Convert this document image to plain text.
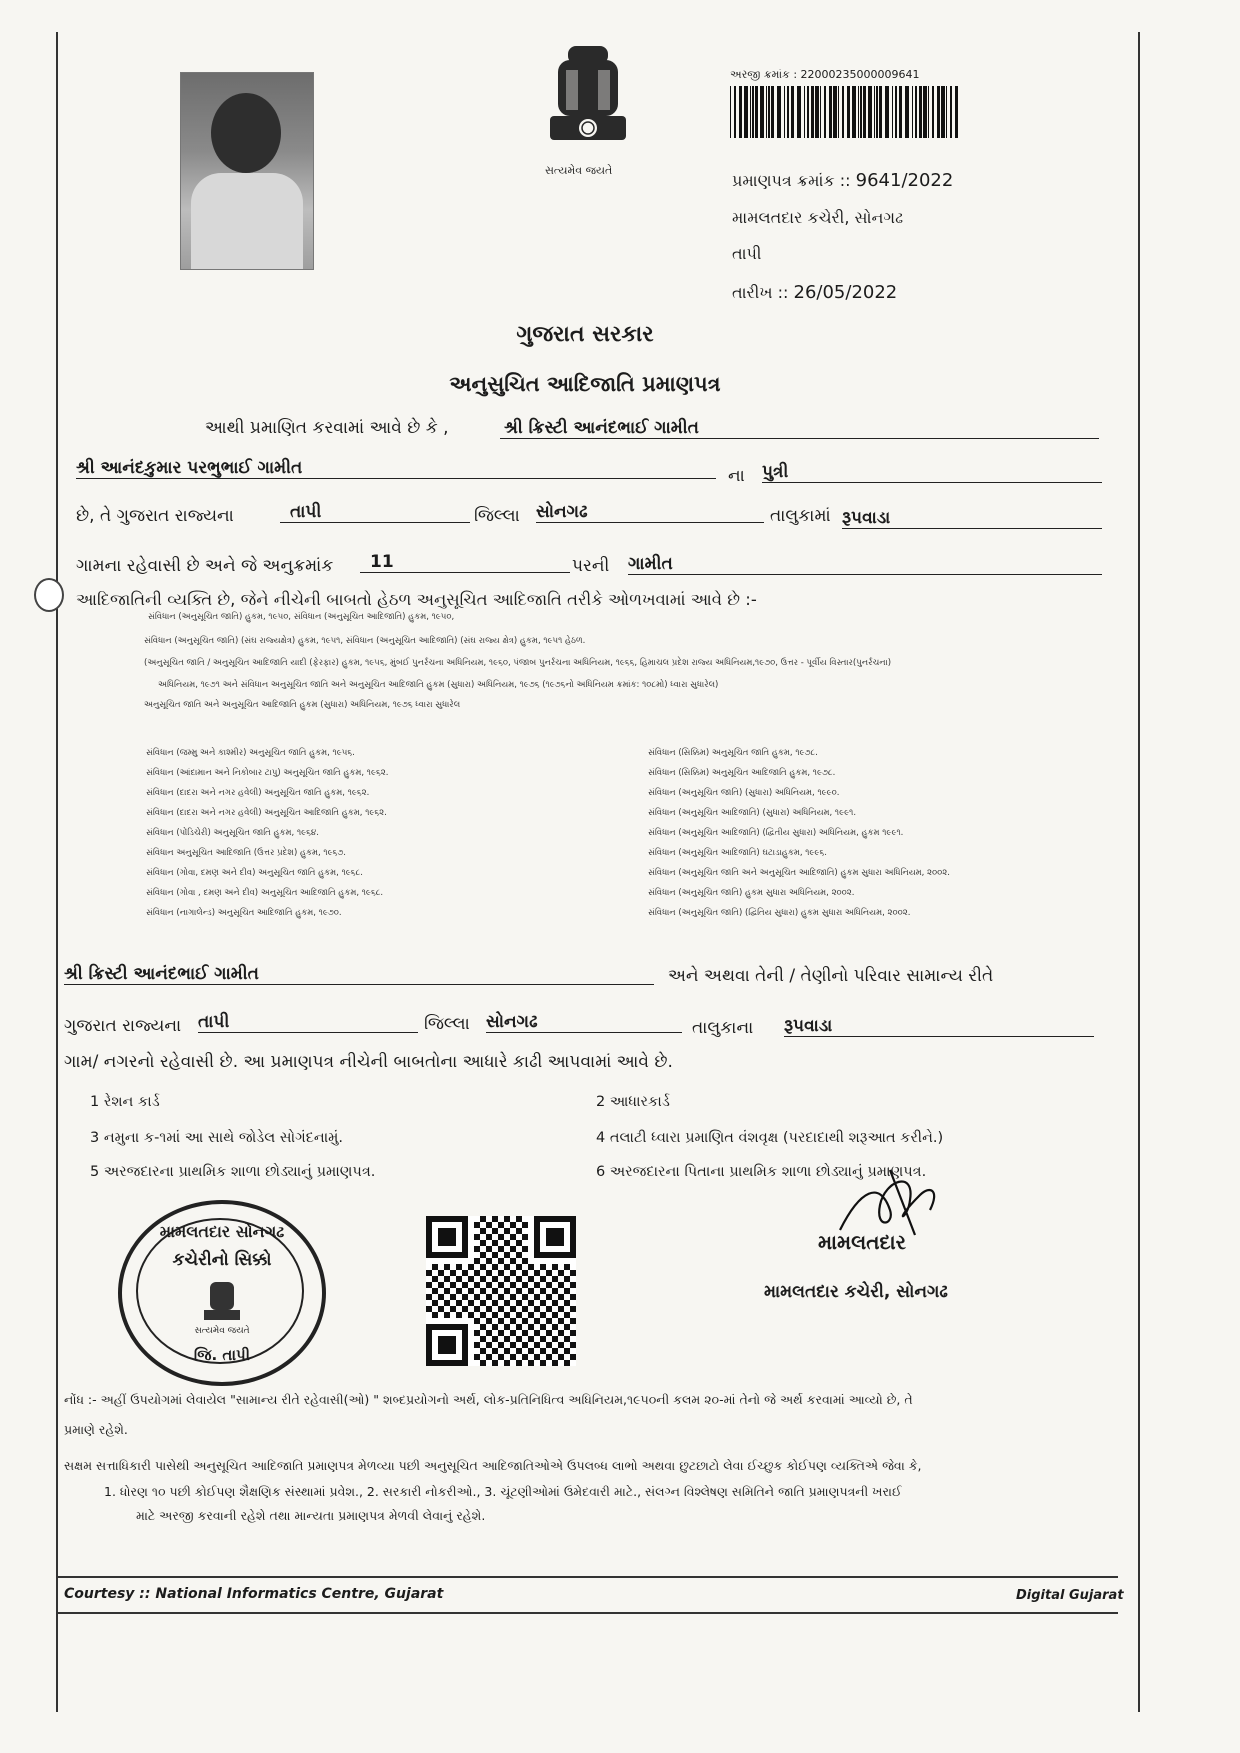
સત્યમેવ જયતે
અરજી ક્રમાંક : 22000235000009641
પ્રમાણપત્ર ક્રમાંક :: 9641/2022
મામલતદાર કચેરી, સોનગઢ
તાપી
તારીખ :: 26/05/2022
ગુજરાત સરકાર
અનુસુચિત આદિજાતિ પ્રમાણપત્ર
આથી પ્રમાણિત કરવામાં આવે છે કે ,	શ્રી ક્રિસ્ટી આનંદભાઈ ગામીત
શ્રી આનંદકુમાર પરભુભાઈ ગામીત	ના પુત્રી
છે, તે ગુજરાત રાજ્યના	તાપી	જિલ્લા સોનગઢ	તાલુકામાં રૂપવાડા
ગામના રહેવાસી છે અને જે અનુક્રમાંક	11	પરની ગામીત
આદિજાતિની વ્યક્તિ છે, જેને નીચેની બાબતો હેઠળ અનુસૂચિત આદિજાતિ તરીકે ઓળખવામાં આવે છે :-
સંવિધાન (અનુસૂચિત જાતિ) હુકમ, ૧૯૫૦, સંવિધાન (અનુસૂચિત આદિજાતિ) હુકમ, ૧૯૫૦,
સંવિધાન (અનુસૂચિત જાતિ) (સંઘ રાજ્યક્ષેત્ર) હુકમ, ૧૯૫૧, સંવિધાન (અનુસૂચિત આદિજાતિ) (સંઘ રાજ્ય ક્ષેત્ર) હુકમ, ૧૯૫૧ હેઠળ.
(અનુસૂચિત જાતિ / અનુસૂચિત આદિજાતિ યાદી (ફેરફાર) હુકમ, ૧૯૫૬, મુંબઈ પુનર્રચના અધિનિયમ, ૧૯૬૦, પંજાબ પુનર્રચના અધિનિયમ, ૧૯૬૬, હિમાચલ પ્રદેશ રાજ્ય અધિનિયમ,૧૯૭૦, ઉત્તર - પૂર્વીય વિસ્તાર(પુનર્રચના)
અધિનિયમ, ૧૯૭૧ અને સંવિધાન અનુસૂચિત જાતિ અને અનુસૂચિત આદિજાતિ હુકમ (સુધારા) અધિનિયમ, ૧૯૭૬ (૧૯૭૬નો અધિનિયમ ક્રમાંક: ૧૦૮મો) ધ્વારા સુધારેલ)
અનુસૂચિત જાતિ અને અનુસૂચિત આદિજાતિ હુકમ (સુધારા) અધિનિયમ, ૧૯૭૬ ધ્વારા સુધારેલ
સંવિધાન (જમ્મુ અને કાશ્મીર) અનુસૂચિત જાતિ હુકમ, ૧૯૫૬.
સંવિધાન (આંદામાન અને નિકોબાર ટાપુ) અનુસૂચિત જાતિ હુકમ, ૧૯૬૨.
સંવિધાન (દાદરા અને નગર હવેલી) અનુસૂચિત જાતિ હુકમ, ૧૯૬૨.
સંવિધાન (દાદરા અને નગર હવેલી) અનુસૂચિત આદિજાતિ હુકમ, ૧૯૬૨.
સંવિધાન (પોંડિચેરી) અનુસૂચિત જાતિ હુકમ, ૧૯૬૪.
સંવિધાન અનુસૂચિત આદિજાતિ (ઉત્તર પ્રદેશ) હુકમ, ૧૯૬૭.
સંવિધાન (ગોવા, દમણ અને દીવ) અનુસૂચિત જાતિ હુકમ, ૧૯૬૮.
સંવિધાન (ગોવા , દમણ અને દીવ) અનુસૂચિત આદિજાતિ હુકમ, ૧૯૬૮.
સંવિધાન (નાગાલેન્ડ) અનુસૂચિત આદિજાતિ હુકમ, ૧૯૭૦.
સંવિધાન (સિક્કિમ) અનુસૂચિત જાતિ હુકમ, ૧૯૭૮.
સંવિધાન (સિક્કિમ) અનુસૂચિત આદિજાતિ હુકમ, ૧૯૭૮.
સંવિધાન (અનુસૂચિત જાતિ) (સુધારા) અધિનિયમ, ૧૯૯૦.
સંવિધાન (અનુસૂચિત આદિજાતિ) (સુધારા) અધિનિયમ, ૧૯૯૧.
સંવિધાન (અનુસૂચિત આદિજાતિ) (દ્વિતીય સુધારા) અધિનિયમ, હુકમ ૧૯૯૧.
સંવિધાન (અનુસૂચિત આદિજાતિ) ઘટાડાહુકમ, ૧૯૯૬.
સંવિધાન (અનુસૂચિત જાતિ અને અનુસૂચિત આદિજાતિ) હુકમ સુધારા અધિનિયમ, ૨૦૦૨.
સંવિધાન (અનુસૂચિત જાતિ) હુકમ સુધારા અધિનિયમ, ૨૦૦૨.
સંવિધાન (અનુસૂચિત જાતિ) (દ્વિતિય સુધારા) હુકમ સુધારા અધિનિયમ, ૨૦૦૨.
શ્રી ક્રિસ્ટી આનંદભાઈ ગામીત	અને અથવા તેની / તેણીનો પરિવાર સામાન્ય રીતે
ગુજરાત રાજ્યના તાપી	જિલ્લા સોનગઢ	તાલુકાના રૂપવાડા
ગામ/ નગરનો રહેવાસી છે. આ પ્રમાણપત્ર નીચેની બાબતોના આધારે કાઢી આપવામાં આવે છે.
1 રેશન કાર્ડ	2 આધારકાર્ડ
3 નમુના ક-૧માં આ સાથે જોડેલ સોગંદનામું.	4 તલાટી ધ્વારા પ્રમાણિત વંશવૃક્ષ (પરદાદાથી શરૂઆત કરીને.)
5 અરજદારના પ્રાથમિક શાળા છોડ્યાનું પ્રમાણપત્ર.	6 અરજદારના પિતાના પ્રાથમિક શાળા છોડ્યાનું પ્રમાણપત્ર.
મામલતદાર સોનગઢ
કચેરીનો સિક્કો
સત્યમેવ જયતે
જિ. તાપી
મામલતદાર
મામલતદાર કચેરી, સોનગઢ
નોંધ :- અહીં ઉપયોગમાં લેવાયેલ "સામાન્ય રીતે રહેવાસી(ઓ) " શબ્દપ્રયોગનો અર્થ, લોક-પ્રતિનિધિત્વ અધિનિયમ,૧૯૫૦ની કલમ ૨૦-માં તેનો જે અર્થ કરવામાં આવ્યો છે, તે
પ્રમાણે રહેશે.
સક્ષમ સત્તાધિકારી પાસેથી અનુસૂચિત આદિજાતિ પ્રમાણપત્ર મેળવ્યા પછી અનુસૂચિત આદિજાતિઓએ ઉપલબ્ધ લાભો અથવા છુટછાટો લેવા ઈચ્છુક કોઈપણ વ્યક્તિએ જેવા કે,
1. ધોરણ ૧૦ પછી કોઈપણ શૈક્ષણિક સંસ્થામાં પ્રવેશ., 2. સરકારી નોકરીઓ., 3. ચૂંટણીઓમાં ઉમેદવારી માટે., સંલગ્ન વિશ્લેષણ સમિતિને જાતિ પ્રમાણપત્રની ખરાઈ
માટે અરજી કરવાની રહેશે તથા માન્યતા પ્રમાણપત્ર મેળવી લેવાનું રહેશે.
Courtesy :: National Informatics Centre, Gujarat	Digital Gujarat
